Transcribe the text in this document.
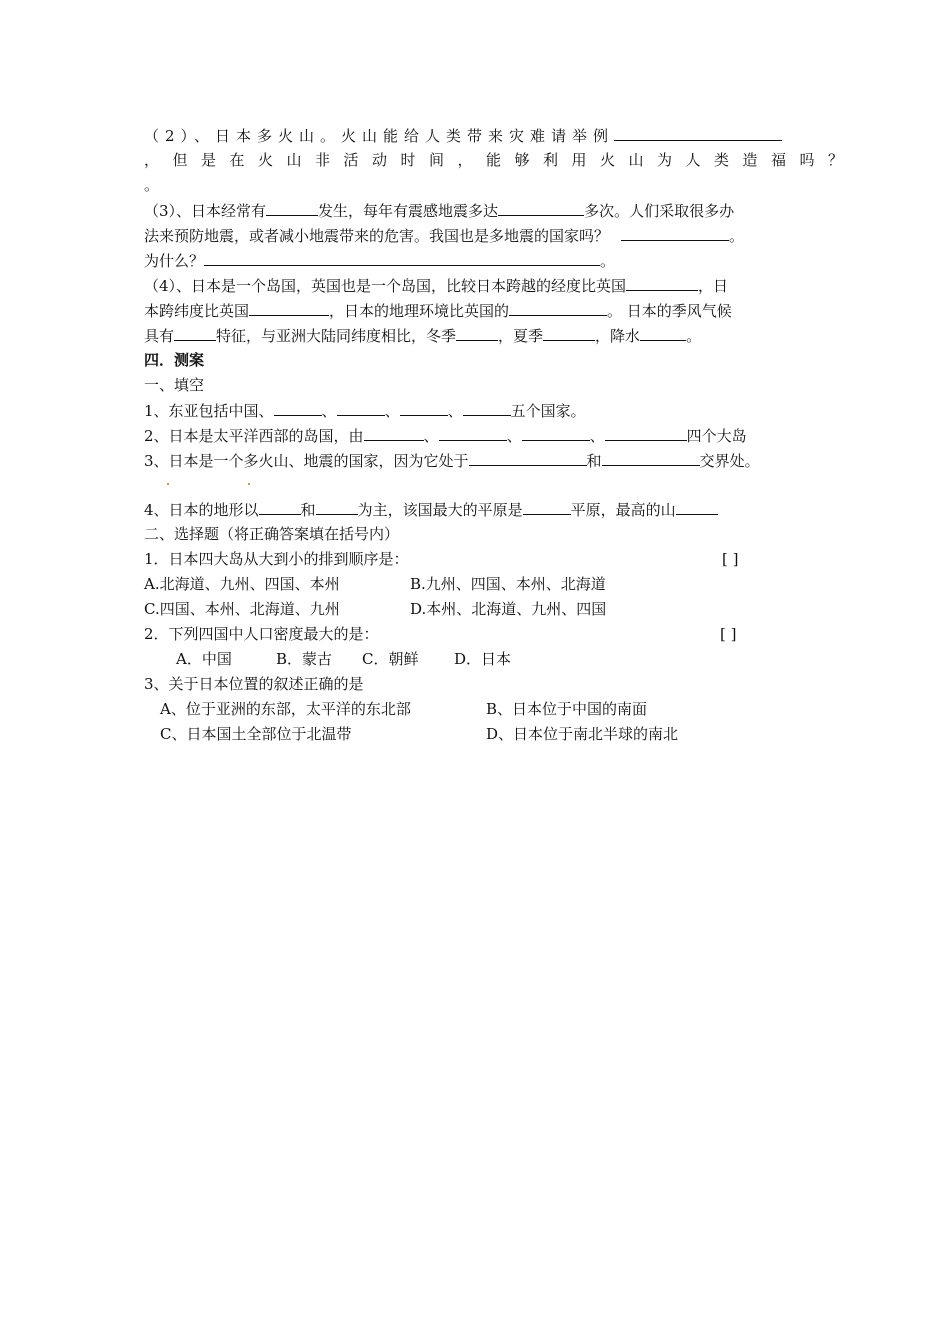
（2）、日本多火山。火山能给人类带来灾难请举例
，但是在火山非活动时间，能够利用火山为人类造福吗？
。
（3）、日本经常有	发生，每年有震感地震多达	多次。人们采取很多办
法来预防地震，或者减小地震带来的危害。我国也是多地震的国家吗？	。
为什么？	。
（4）、日本是一个岛国，英国也是一个岛国，比较日本跨越的经度比英国	，日
本跨纬度比英国	，日本的地理环境比英国的	。 日本的季风气候
具有	特征，与亚洲大陆同纬度相比，冬季	，夏季	，降水	。
四．测案
一、填空
1、东亚包括中国、	、	、	、	五个国家。
2、日本是太平洋西部的岛国，由	、	、	、	四个大岛
3、日本是一个多火山、地震的国家，因为它处于	和	交界处。
4、日本的地形以	和	为主，该国最大的平原是	平原，最高的山
二、选择题（将正确答案填在括号内）
1．日本四大岛从大到小的排到顺序是：	[ ]
A.北海道、九州、四国、本州	B.九州、四国、本州、北海道
C.四国、本州、北海道、九州	D.本州、北海道、九州、四国
2．下列四国中人口密度最大的是：	[ ]
A．中国	B．蒙古 C．朝鲜 D．日本
3、关于日本位置的叙述正确的是
A、位于亚洲的东部，太平洋的东北部	B、日本位于中国的南面
C、日本国土全部位于北温带	D、日本位于南北半球的南北
